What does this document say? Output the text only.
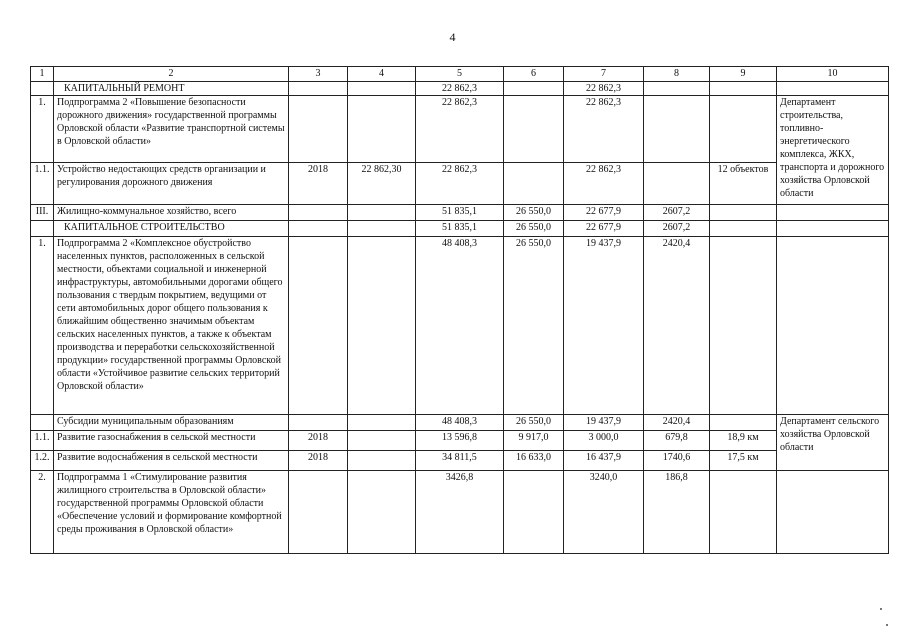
4
1	2	3	4	5	6	7	8	9	10
	КАПИТАЛЬНЫЙ РЕМОНТ			22 862,3		22 862,3			
1.	Подпрограмма 2 «Повышение безопасности дорожного движения» государственной программы Орловской области «Развитие транспортной системы в Орловской области»			22 862,3		22 862,3			Департамент строительства, топливно-энергетического комплекса, ЖКХ, транспорта и дорожного хозяйства Орловской области
1.1.	Устройство недостающих средств организации и регулирования дорожного движения	2018	22 862,30	22 862,3		22 862,3		12 объектов	
III.	Жилищно-коммунальное хозяйство, всего			51 835,1	26 550,0	22 677,9	2607,2		
	КАПИТАЛЬНОЕ СТРОИТЕЛЬСТВО			51 835,1	26 550,0	22 677,9	2607,2		
1.	Подпрограмма 2 «Комплексное обустройство населенных пунктов, расположенных в сельской местности, объектами социальной и инженерной инфраструктуры, автомобильными дорогами общего пользования с твердым покрытием, ведущими от сети автомобильных дорог общего пользования к ближайшим общественно значимым объектам сельских населенных пунктов, а также к объектам производства и переработки сельскохозяйственной продукции» государственной программы Орловской области «Устойчивое развитие сельских территорий Орловской области»			48 408,3	26 550,0	19 437,9	2420,4		
	Субсидии муниципальным образованиям			48 408,3	26 550,0	19 437,9	2420,4		Департамент сельского хозяйства Орловской области
1.1.	Развитие газоснабжения в сельской местности	2018		13 596,8	9 917,0	3 000,0	679,8	18,9 км	
1.2.	Развитие водоснабжения в сельской местности	2018		34 811,5	16 633,0	16 437,9	1740,6	17,5 км	
2.	Подпрограмма 1 «Стимулирование развития жилищного строительства в Орловской области» государственной программы Орловской области «Обеспечение условий и формирование комфортной среды проживания в Орловской области»			3426,8		3240,0	186,8		
